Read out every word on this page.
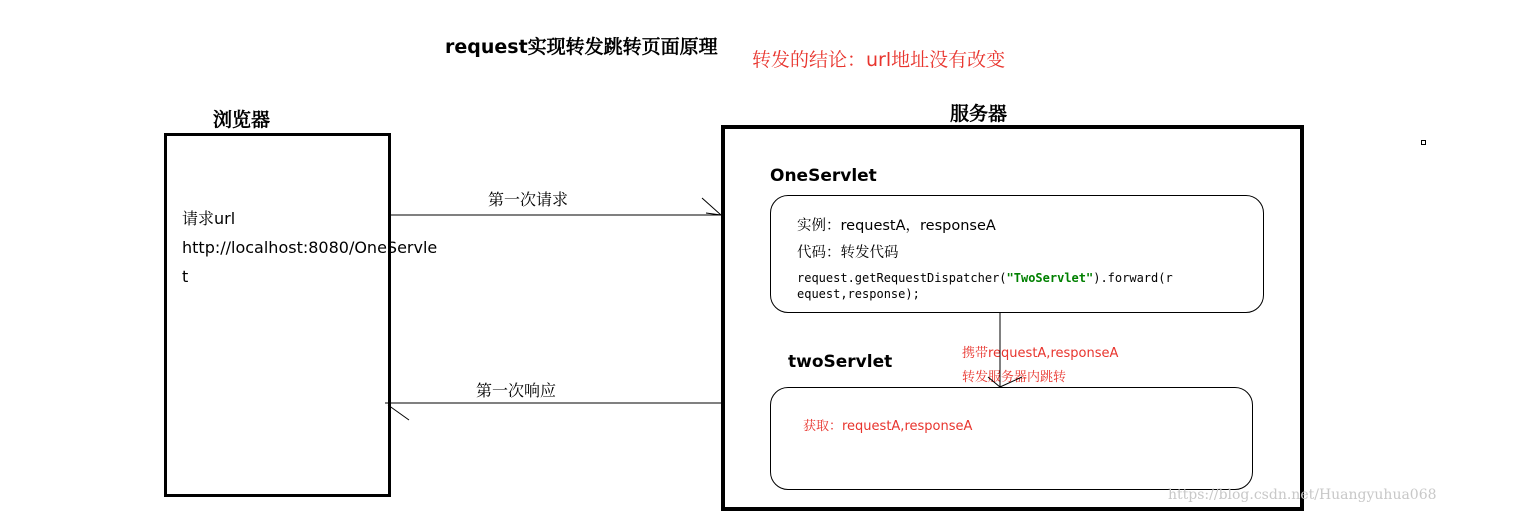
request实现转发跳转页面原理
转发的结论：url地址没有改变
浏览器
请求url
http://localhost:8080/OneServle
t
服务器
第一次请求
第一次响应
OneServlet
实例：requestA，responseA
代码：转发代码
request.getRequestDispatcher("TwoServlet").forward(r
equest,response);
携带requestA,responseA
转发服务器内跳转
twoServlet
获取：requestA,responseA
https://blog.csdn.net/Huangyuhua068
